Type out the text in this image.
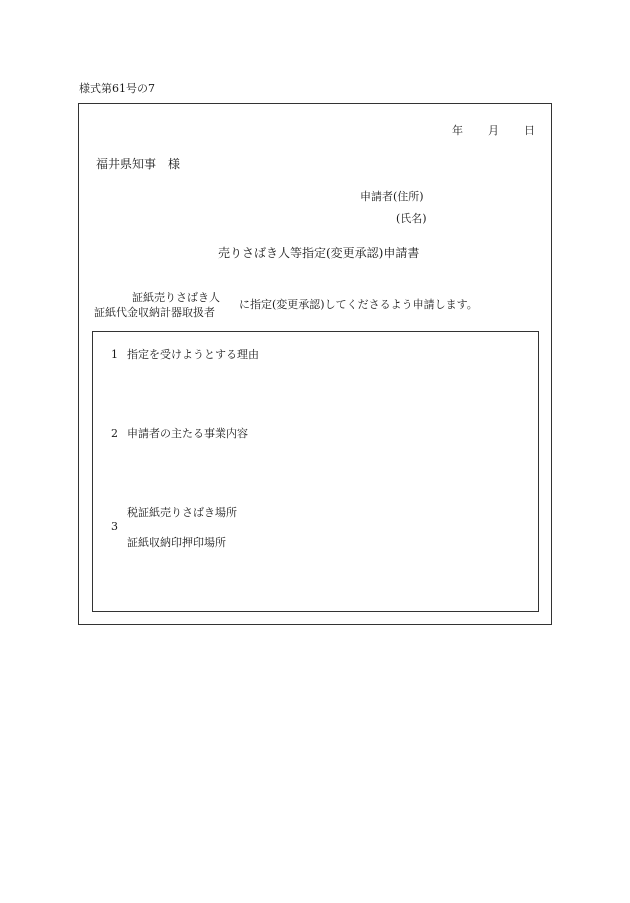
様式第61号の7
年 月 日
福井県知事　様
申請者(住所)
(氏名)
売りさばき人等指定(変更承認)申請書
証紙売りさばき人
証紙代金収納計器取扱者
に指定(変更承認)してくださるよう申請します。
1 指定を受けようとする理由
2 申請者の主たる事業内容
3
税証紙売りさばき場所
証紙収納印押印場所
